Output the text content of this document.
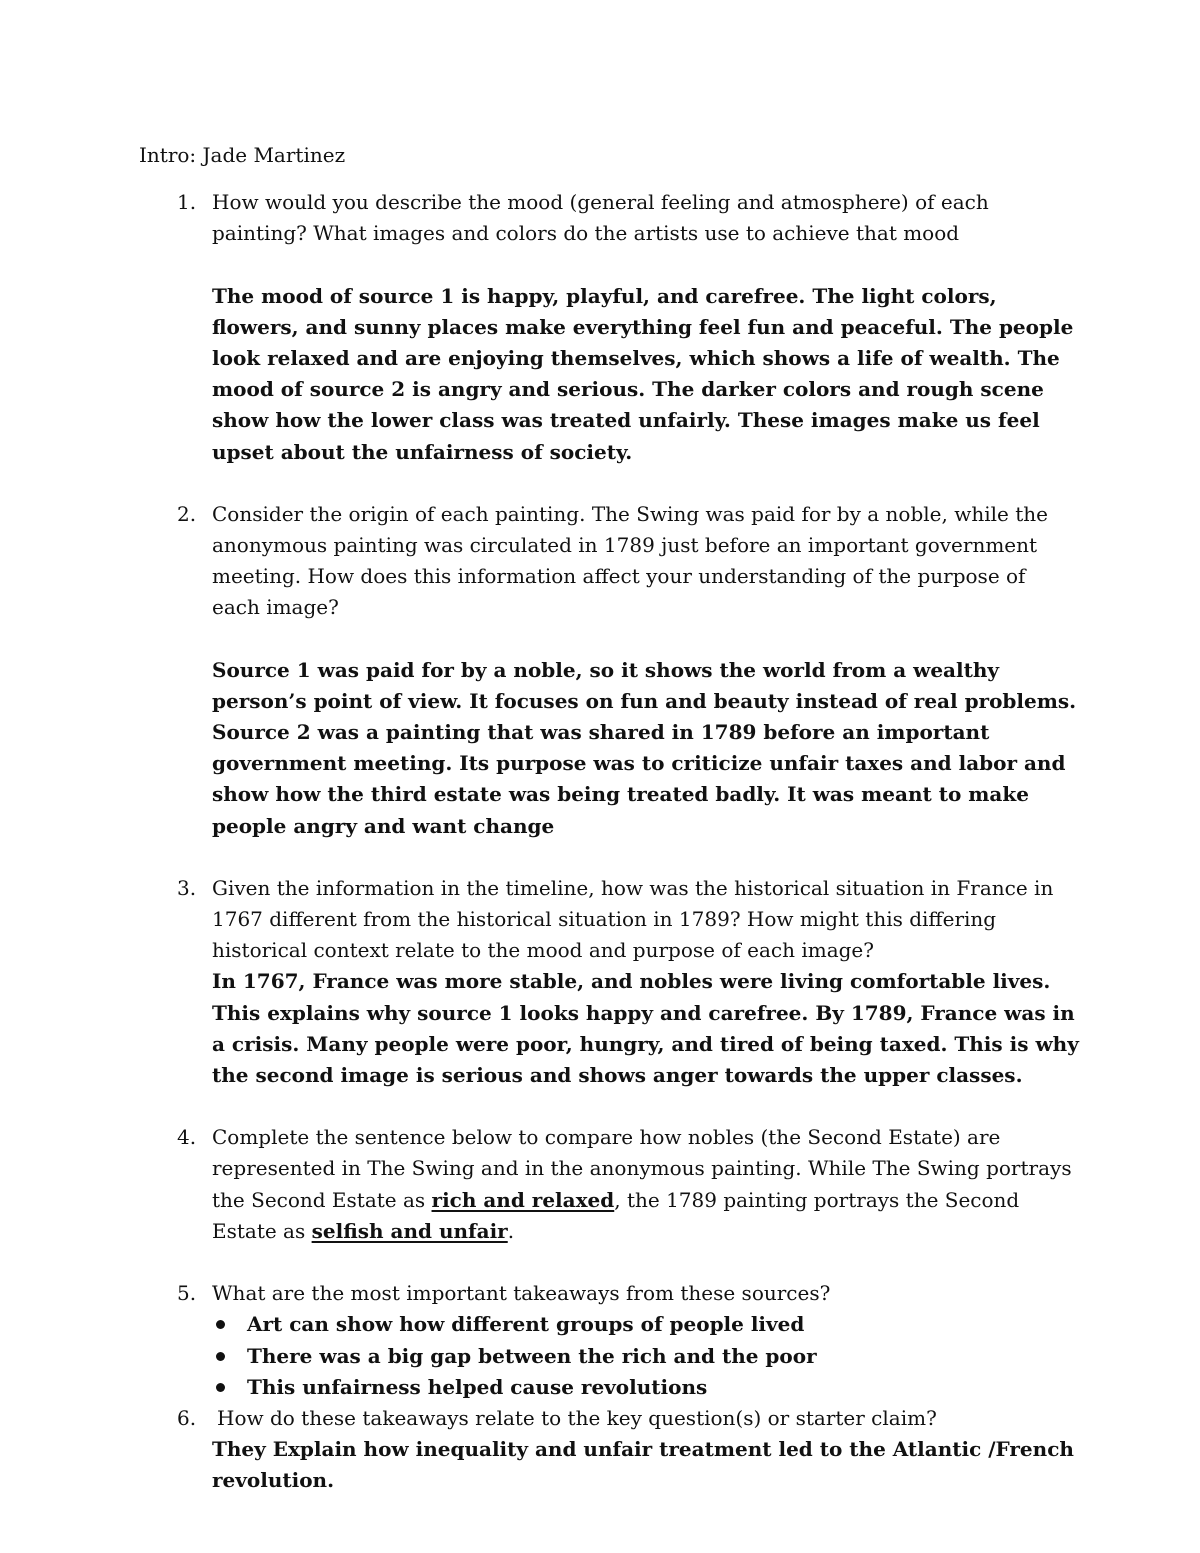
Intro: Jade Martinez

1. How would you describe the mood (general feeling and atmosphere) of each painting? What images and colors do the artists use to achieve that mood

The mood of source 1 is happy, playful, and carefree. The light colors, flowers, and sunny places make everything feel fun and peaceful. The people look relaxed and are enjoying themselves, which shows a life of wealth. The mood of source 2 is angry and serious. The darker colors and rough scene show how the lower class was treated unfairly. These images make us feel upset about the unfairness of society.

2. Consider the origin of each painting. The Swing was paid for by a noble, while the anonymous painting was circulated in 1789 just before an important government meeting. How does this information affect your understanding of the purpose of each image?

Source 1 was paid for by a noble, so it shows the world from a wealthy person’s point of view. It focuses on fun and beauty instead of real problems. Source 2 was a painting that was shared in 1789 before an important government meeting. Its purpose was to criticize unfair taxes and labor and show how the third estate was being treated badly. It was meant to make people angry and want change

3. Given the information in the timeline, how was the historical situation in France in 1767 different from the historical situation in 1789? How might this differing historical context relate to the mood and purpose of each image?

In 1767, France was more stable, and nobles were living comfortable lives. This explains why source 1 looks happy and carefree. By 1789, France was in a crisis. Many people were poor, hungry, and tired of being taxed. This is why the second image is serious and shows anger towards the upper classes.

4. Complete the sentence below to compare how nobles (the Second Estate) are represented in The Swing and in the anonymous painting. While The Swing portrays the Second Estate as rich and relaxed, the 1789 painting portrays the Second Estate as selfish and unfair.

5. What are the most important takeaways from these sources?

Art can show how different groups of people lived
There was a big gap between the rich and the poor
This unfairness helped cause revolutions
6. How do these takeaways relate to the key question(s) or starter claim?

They Explain how inequality and unfair treatment led to the Atlantic /French revolution.
